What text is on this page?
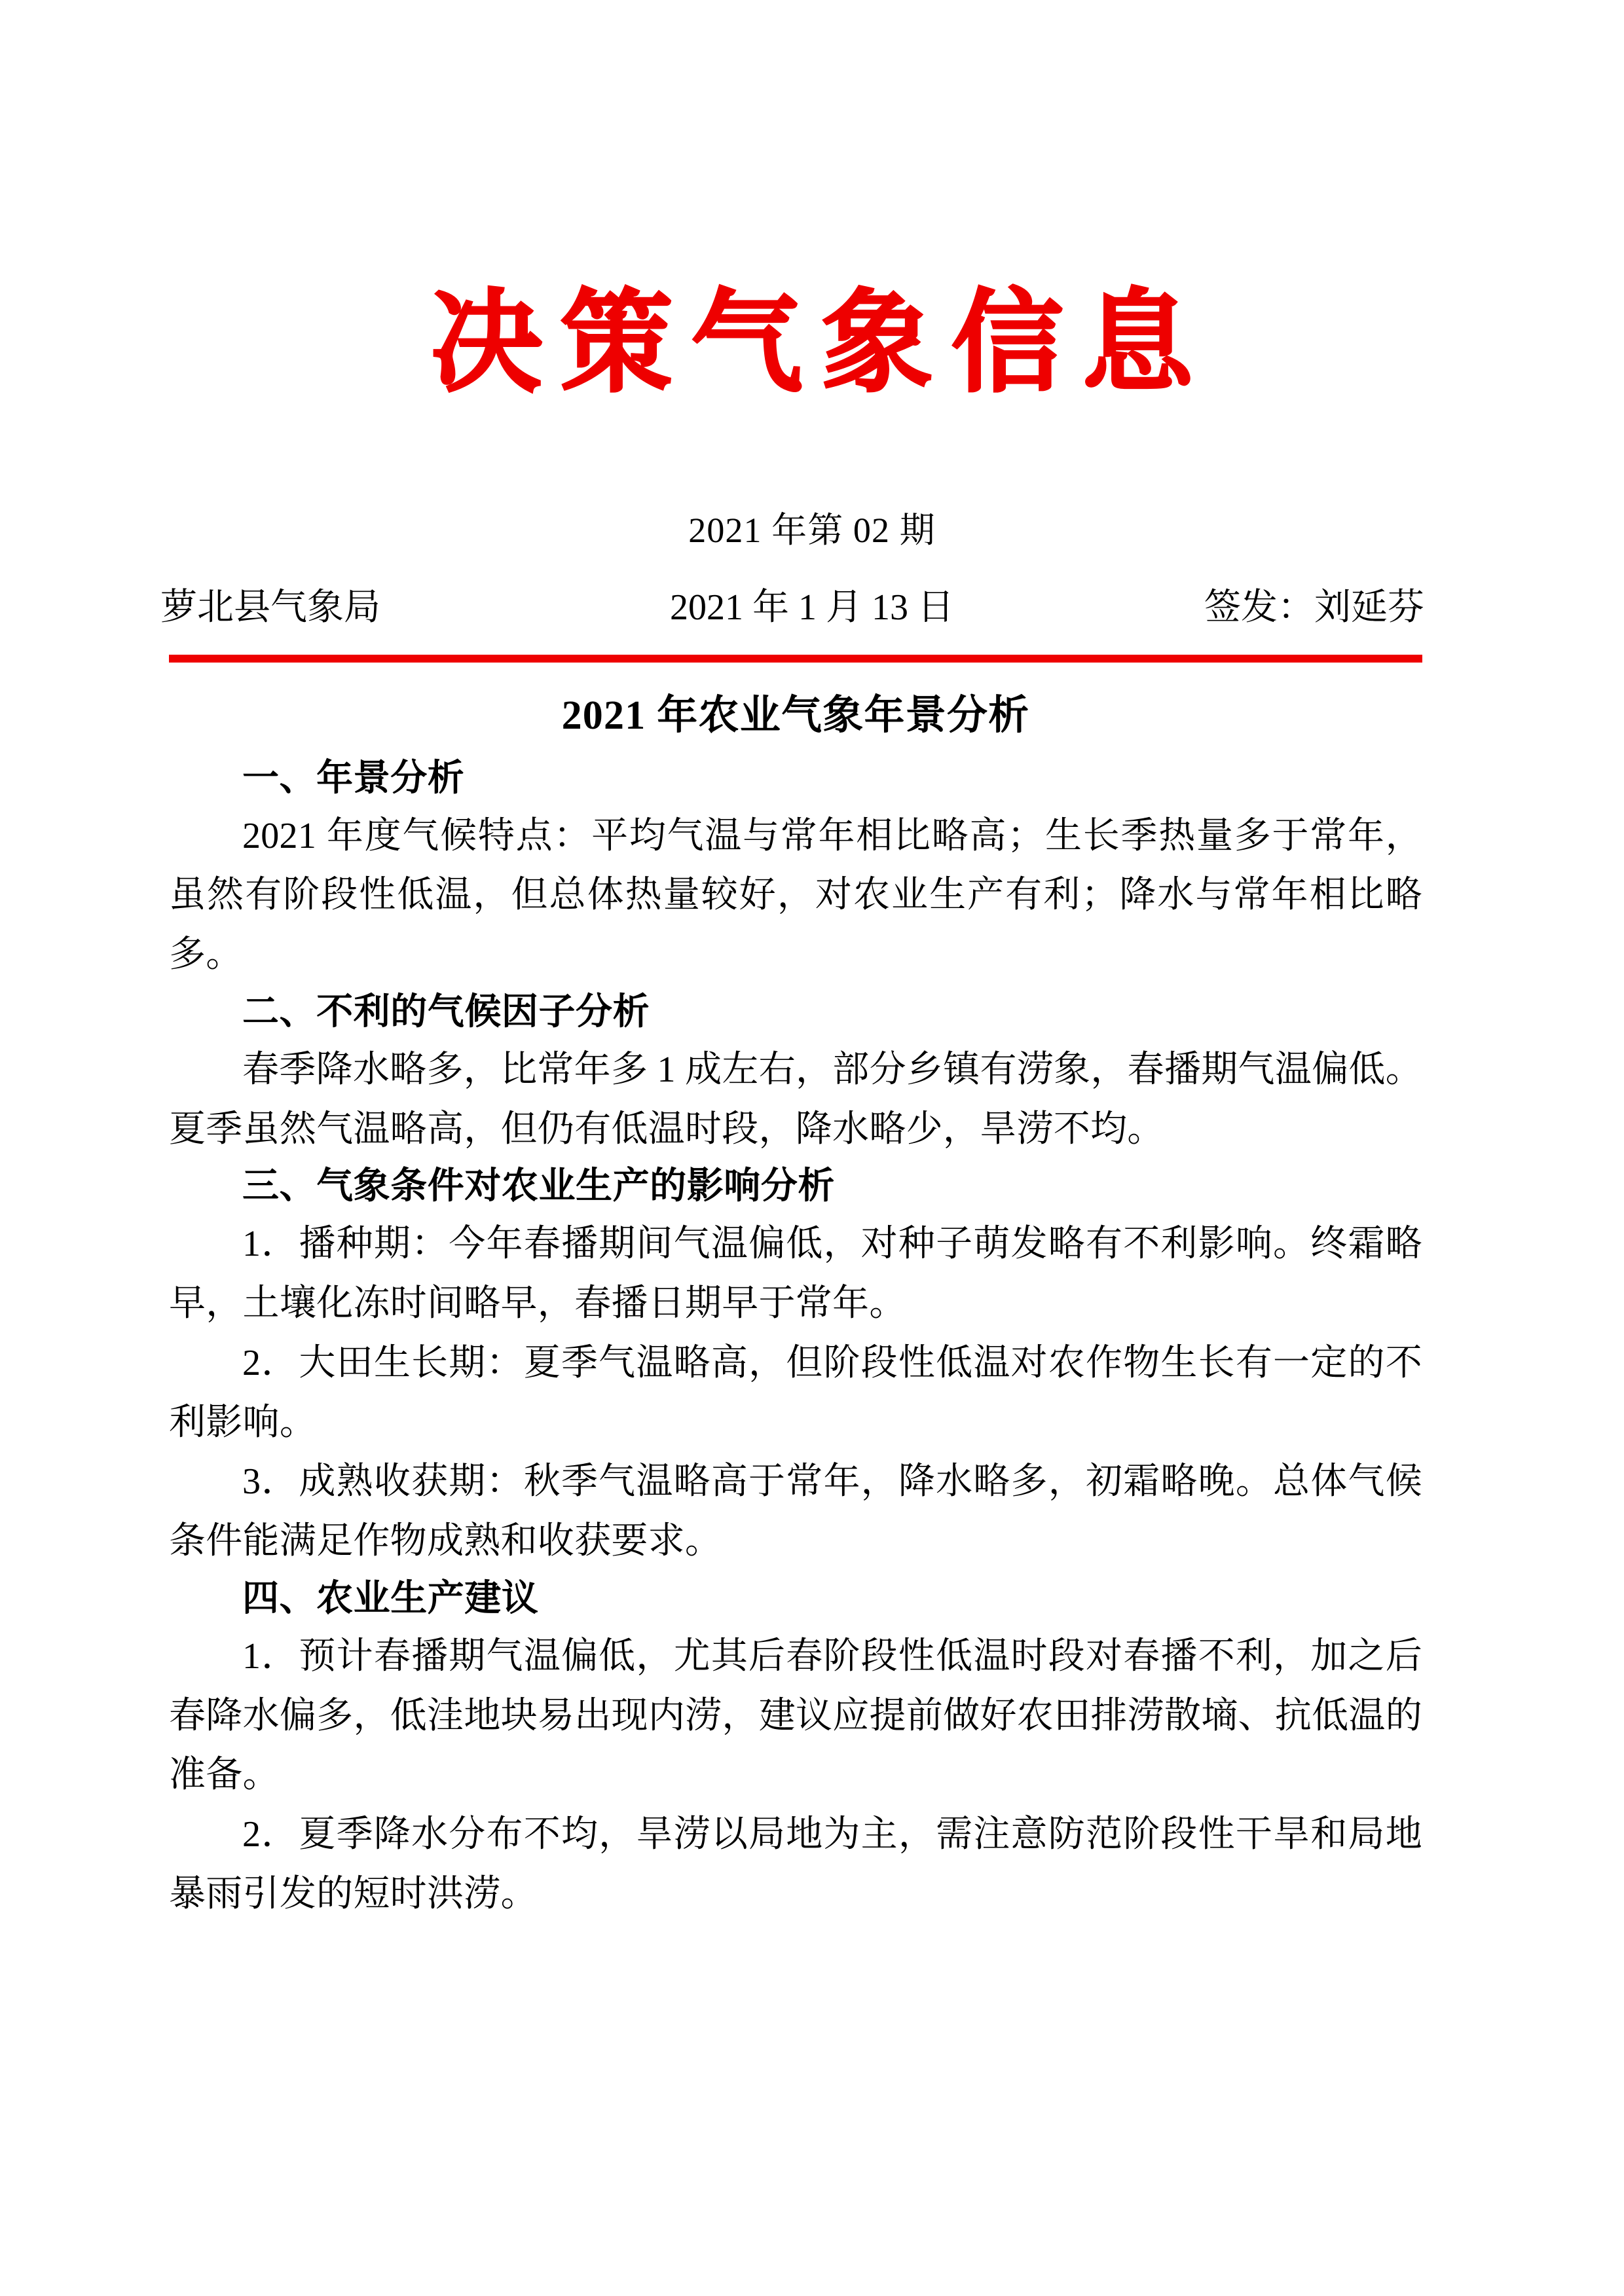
决策气象信息
2021 年第 02 期
萝北县气象局	2021 年 1 月 13 日	签发：刘延芬
2021 年农业气象年景分析

一、年景分析

2021 年度气候特点：平均气温与常年相比略高；生长季热量多于常年，虽然有阶段性低温，但总体热量较好，对农业生产有利；降水与常年相比略多。

二、不利的气候因子分析

春季降水略多，比常年多 1 成左右，部分乡镇有涝象，春播期气温偏低。夏季虽然气温略高，但仍有低温时段，降水略少，旱涝不均。

三、气象条件对农业生产的影响分析

1．播种期：今年春播期间气温偏低，对种子萌发略有不利影响。终霜略早，土壤化冻时间略早，春播日期早于常年。

2．大田生长期：夏季气温略高，但阶段性低温对农作物生长有一定的不利影响。

3．成熟收获期：秋季气温略高于常年，降水略多，初霜略晚。总体气候条件能满足作物成熟和收获要求。

四、农业生产建议

1．预计春播期气温偏低，尤其后春阶段性低温时段对春播不利，加之后春降水偏多，低洼地块易出现内涝，建议应提前做好农田排涝散墒、抗低温的准备。

2．夏季降水分布不均，旱涝以局地为主，需注意防范阶段性干旱和局地暴雨引发的短时洪涝。
